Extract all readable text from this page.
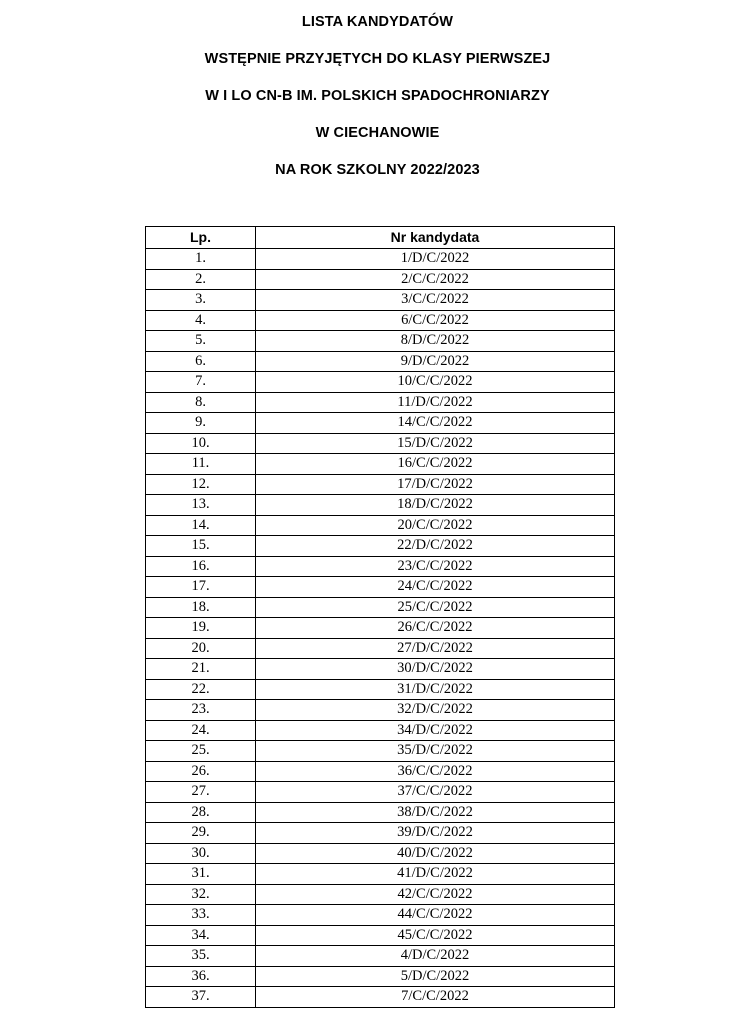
LISTA KANDYDATÓW
WSTĘPNIE PRZYJĘTYCH DO KLASY PIERWSZEJ
W I LO CN-B IM. POLSKICH SPADOCHRONIARZY
W CIECHANOWIE
NA ROK SZKOLNY 2022/2023
Lp.	Nr kandydata
1.	1/D/C/2022
2.	2/C/C/2022
3.	3/C/C/2022
4.	6/C/C/2022
5.	8/D/C/2022
6.	9/D/C/2022
7.	10/C/C/2022
8.	11/D/C/2022
9.	14/C/C/2022
10.	15/D/C/2022
11.	16/C/C/2022
12.	17/D/C/2022
13.	18/D/C/2022
14.	20/C/C/2022
15.	22/D/C/2022
16.	23/C/C/2022
17.	24/C/C/2022
18.	25/C/C/2022
19.	26/C/C/2022
20.	27/D/C/2022
21.	30/D/C/2022
22.	31/D/C/2022
23.	32/D/C/2022
24.	34/D/C/2022
25.	35/D/C/2022
26.	36/C/C/2022
27.	37/C/C/2022
28.	38/D/C/2022
29.	39/D/C/2022
30.	40/D/C/2022
31.	41/D/C/2022
32.	42/C/C/2022
33.	44/C/C/2022
34.	45/C/C/2022
35.	4/D/C/2022
36.	5/D/C/2022
37.	7/C/C/2022
